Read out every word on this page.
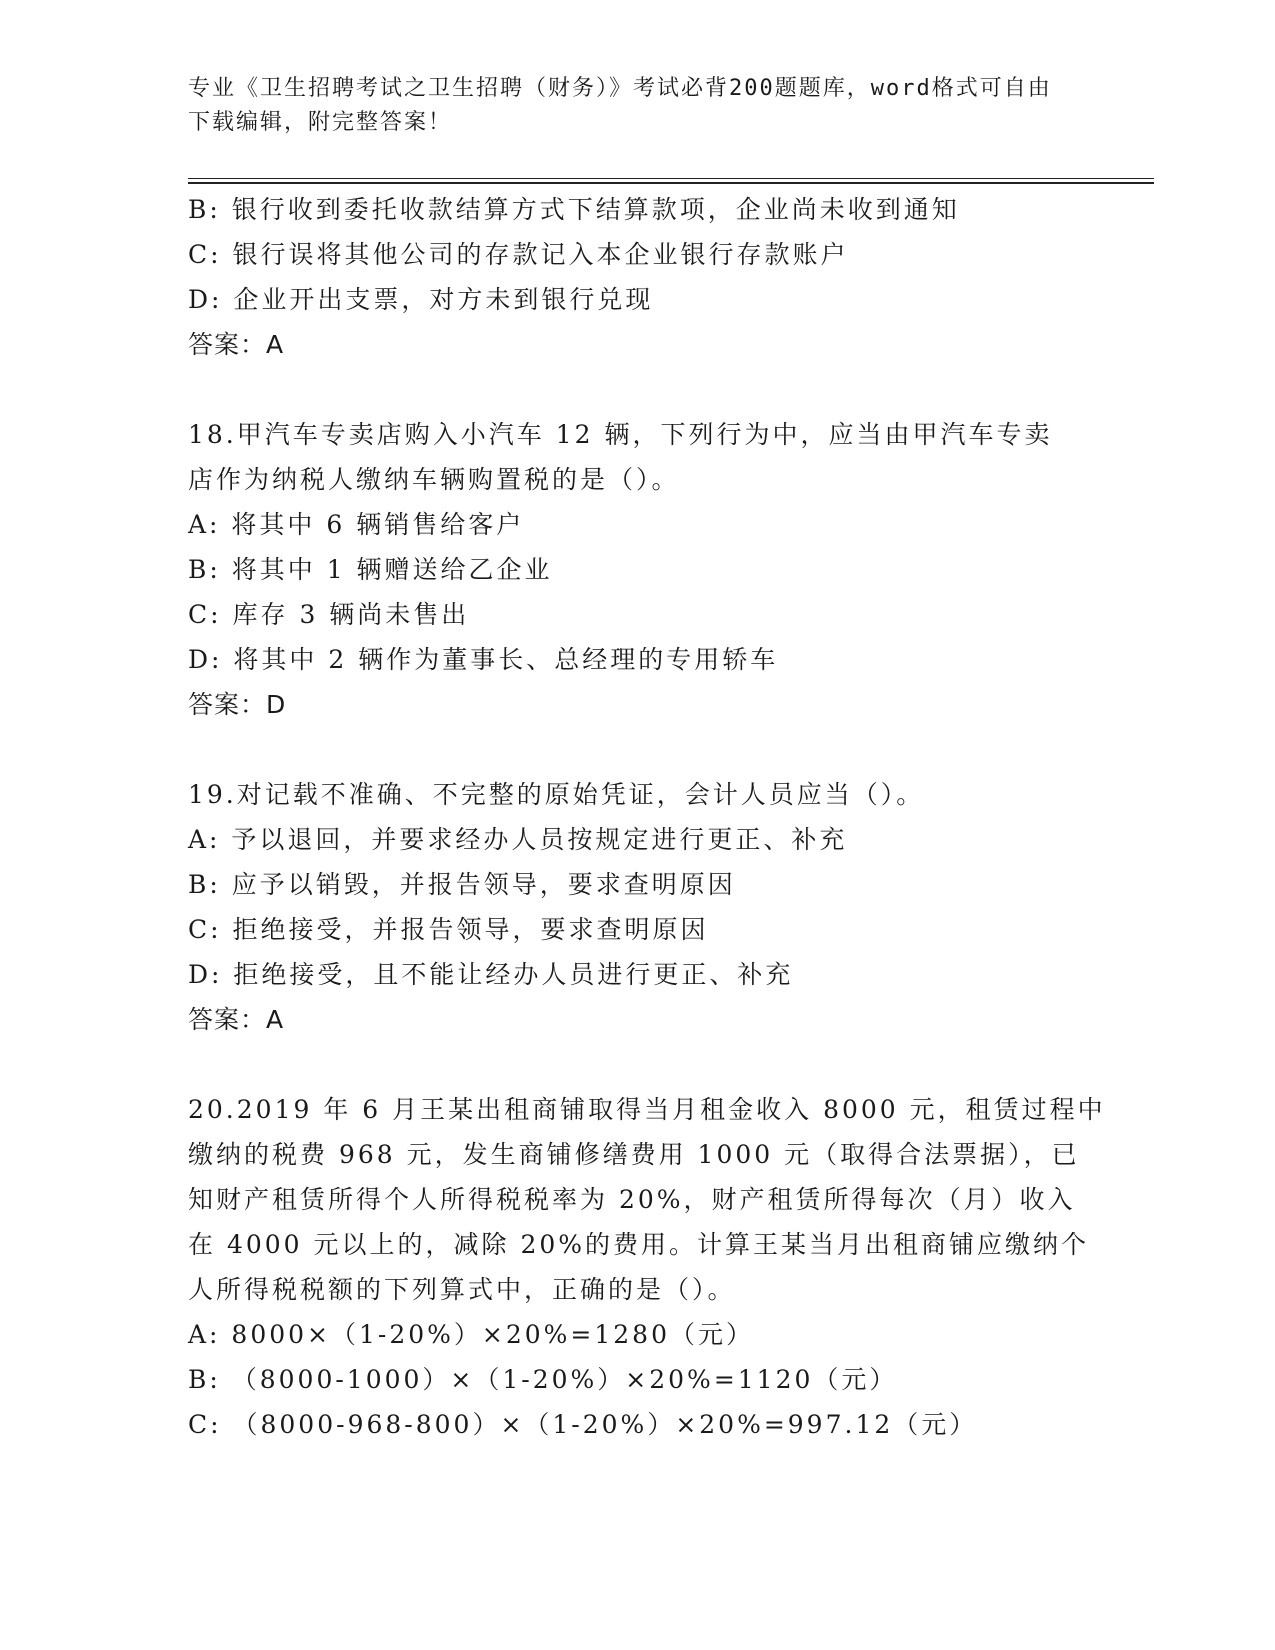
专业《卫生招聘考试之卫生招聘（财务）》考试必背200题题库，word格式可自由下载编辑，附完整答案！
B: 银行收到委托收款结算方式下结算款项，企业尚未收到通知
C: 银行误将其他公司的存款记入本企业银行存款账户
D: 企业开出支票，对方未到银行兑现
答案：A
18.甲汽车专卖店购入小汽车 12 辆，下列行为中，应当由甲汽车专卖
店作为纳税人缴纳车辆购置税的是（）。
A: 将其中 6 辆销售给客户
B: 将其中 1 辆赠送给乙企业
C: 库存 3 辆尚未售出
D: 将其中 2 辆作为董事长、总经理的专用轿车
答案：D
19.对记载不准确、不完整的原始凭证，会计人员应当（）。
A: 予以退回，并要求经办人员按规定进行更正、补充
B: 应予以销毁，并报告领导，要求查明原因
C: 拒绝接受，并报告领导，要求查明原因
D: 拒绝接受，且不能让经办人员进行更正、补充
答案：A
20.2019 年 6 月王某出租商铺取得当月租金收入 8000 元，租赁过程中
缴纳的税费 968 元，发生商铺修缮费用 1000 元（取得合法票据），已
知财产租赁所得个人所得税税率为 20%，财产租赁所得每次（月）收入
在 4000 元以上的，减除 20%的费用。计算王某当月出租商铺应缴纳个
人所得税税额的下列算式中，正确的是（）。
A: 8000×（1-20%）×20%=1280（元）
B: （8000-1000）×（1-20%）×20%=1120（元）
C: （8000-968-800）×（1-20%）×20%=997.12（元）
